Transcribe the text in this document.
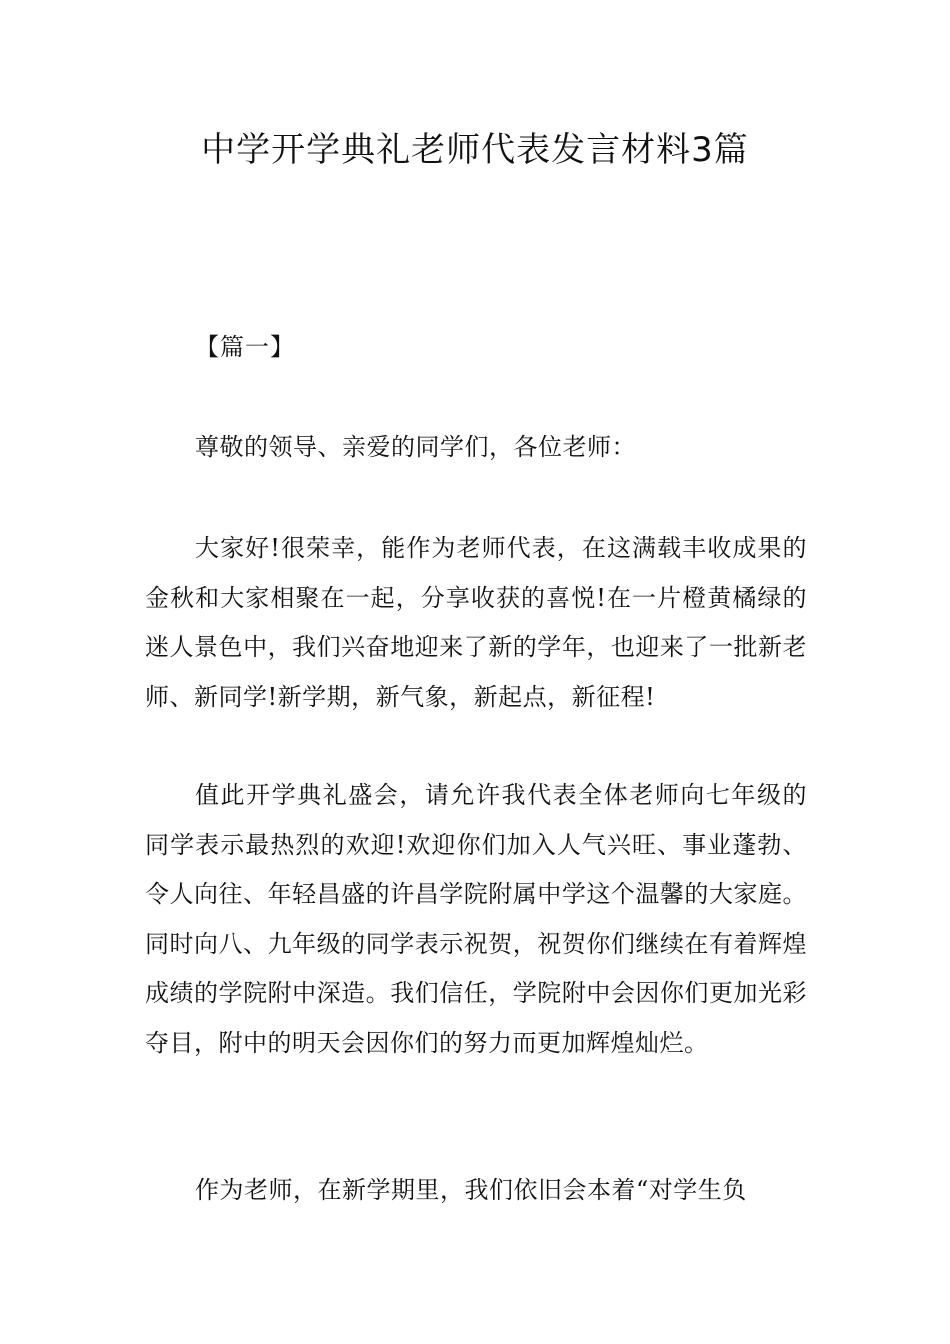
中学开学典礼老师代表发言材料3篇
【篇一】

尊敬的领导、亲爱的同学们，各位老师：

大家好!很荣幸，能作为老师代表，在这满载丰收成果的金秋和大家相聚在一起，分享收获的喜悦!在一片橙黄橘绿的迷人景色中，我们兴奋地迎来了新的学年，也迎来了一批新老师、新同学!新学期，新气象，新起点，新征程!

值此开学典礼盛会，请允许我代表全体老师向七年级的同学表示最热烈的欢迎!欢迎你们加入人气兴旺、事业蓬勃、令人向往、年轻昌盛的许昌学院附属中学这个温馨的大家庭。同时向八、九年级的同学表示祝贺，祝贺你们继续在有着辉煌成绩的学院附中深造。我们信任，学院附中会因你们更加光彩夺目，附中的明天会因你们的努力而更加辉煌灿烂。

作为老师，在新学期里，我们依旧会本着“对学生负
